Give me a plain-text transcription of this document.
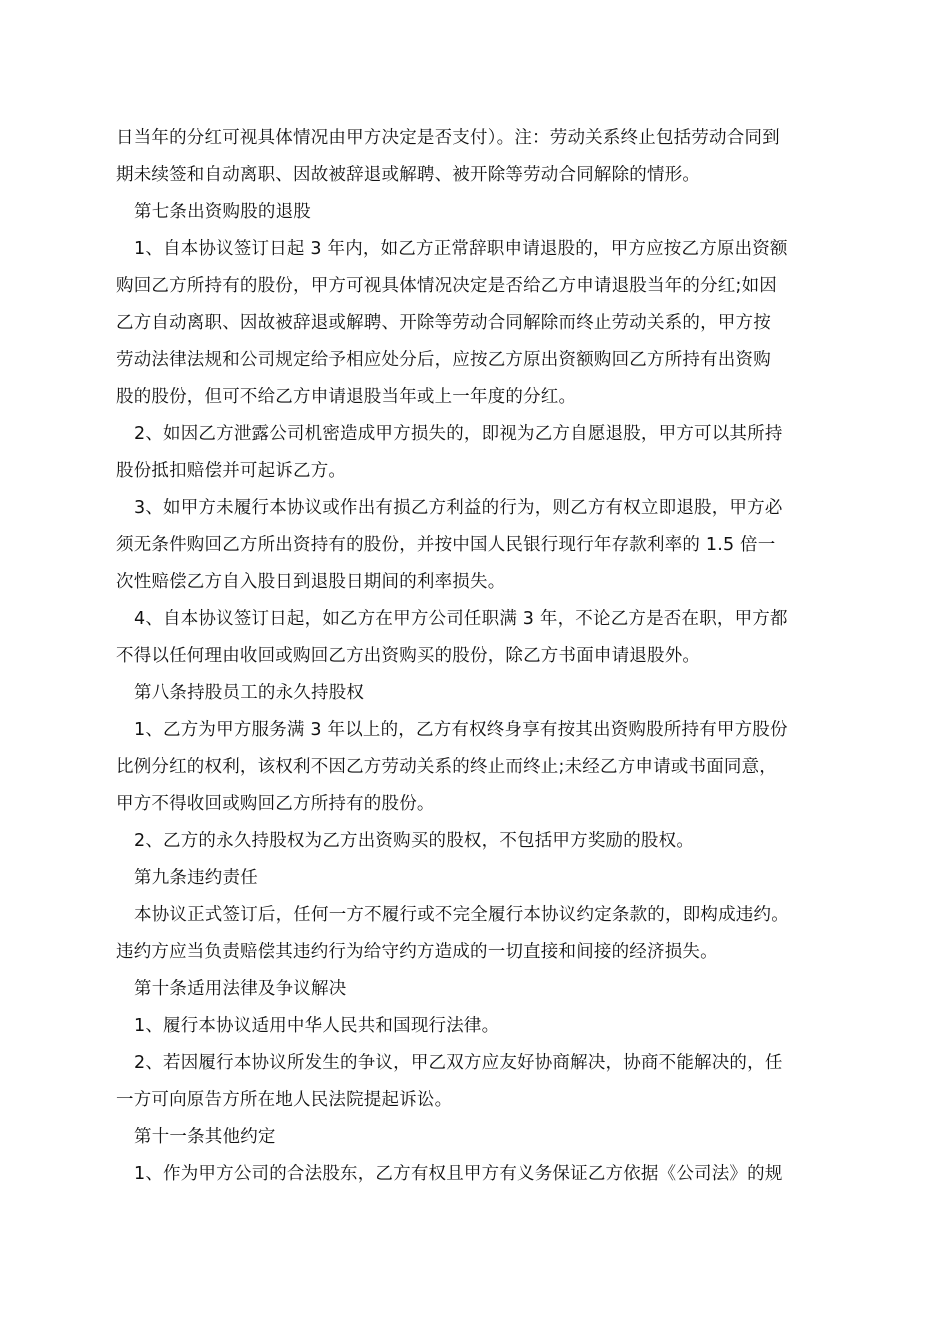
日当年的分红可视具体情况由甲方决定是否支付）。注：劳动关系终止包括劳动合同到
期未续签和自动离职、因故被辞退或解聘、被开除等劳动合同解除的情形。
第七条出资购股的退股
1、自本协议签订日起 3 年内，如乙方正常辞职申请退股的，甲方应按乙方原出资额
购回乙方所持有的股份，甲方可视具体情况决定是否给乙方申请退股当年的分红;如因
乙方自动离职、因故被辞退或解聘、开除等劳动合同解除而终止劳动关系的，甲方按
劳动法律法规和公司规定给予相应处分后，应按乙方原出资额购回乙方所持有出资购
股的股份，但可不给乙方申请退股当年或上一年度的分红。
2、如因乙方泄露公司机密造成甲方损失的，即视为乙方自愿退股，甲方可以其所持
股份抵扣赔偿并可起诉乙方。
3、如甲方未履行本协议或作出有损乙方利益的行为，则乙方有权立即退股，甲方必
须无条件购回乙方所出资持有的股份，并按中国人民银行现行年存款利率的 1.5 倍一
次性赔偿乙方自入股日到退股日期间的利率损失。
4、自本协议签订日起，如乙方在甲方公司任职满 3 年，不论乙方是否在职，甲方都
不得以任何理由收回或购回乙方出资购买的股份，除乙方书面申请退股外。
第八条持股员工的永久持股权
1、乙方为甲方服务满 3 年以上的，乙方有权终身享有按其出资购股所持有甲方股份
比例分红的权利，该权利不因乙方劳动关系的终止而终止;未经乙方申请或书面同意，
甲方不得收回或购回乙方所持有的股份。
2、乙方的永久持股权为乙方出资购买的股权，不包括甲方奖励的股权。
第九条违约责任
本协议正式签订后，任何一方不履行或不完全履行本协议约定条款的，即构成违约。
违约方应当负责赔偿其违约行为给守约方造成的一切直接和间接的经济损失。
第十条适用法律及争议解决
1、履行本协议适用中华人民共和国现行法律。
2、若因履行本协议所发生的争议，甲乙双方应友好协商解决，协商不能解决的，任
一方可向原告方所在地人民法院提起诉讼。
第十一条其他约定
1、作为甲方公司的合法股东，乙方有权且甲方有义务保证乙方依据《公司法》的规
